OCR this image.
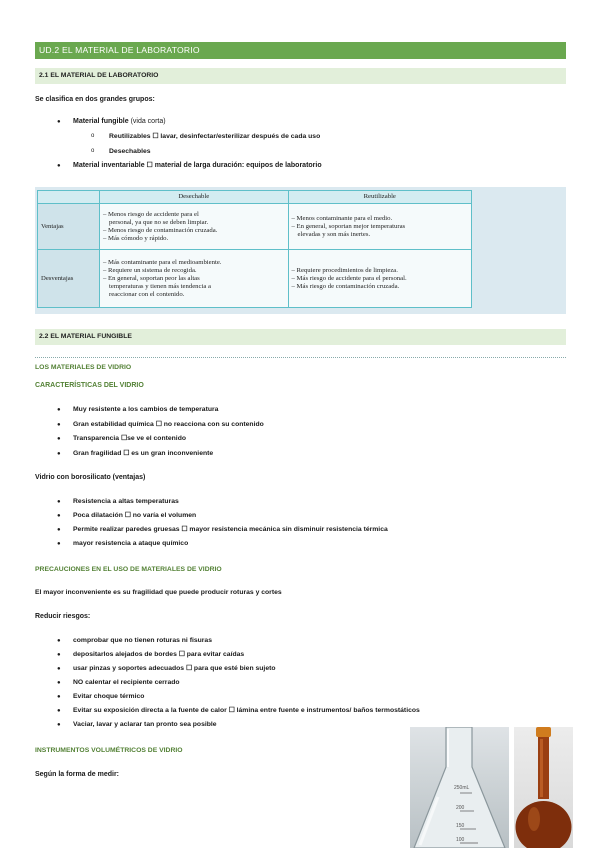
UD.2 EL MATERIAL DE LABORATORIO
2.1 EL MATERIAL DE LABORATORIO
Se clasifica en dos grandes grupos:
● Material fungible (vida corta)
o Reutilizables ☐ lavar, desinfectar/esterilizar después de cada uso
o Desechables
● Material inventariable ☐ material de larga duración: equipos de laboratorio
	Desechable	Reutilizable
Ventajas	– Menos riesgo de accidente para el
personal, ya que no se deben limpiar.
– Menos riesgo de contaminación cruzada.
– Más cómodo y rápido.	– Menos contaminante para el medio.
– En general, soportan mejor temperaturas
elevadas y son más inertes.

Desventajas	– Más contaminante para el medioambiente.
– Requiere un sistema de recogida.
– En general, soportan peor las altas
temperaturas y tienen más tendencia a
reaccionar con el contenido.	– Requiere procedimientos de limpieza.
– Más riesgo de accidente para el personal.
– Más riesgo de contaminación cruzada.
2.2 EL MATERIAL FUNGIBLE
LOS MATERIALES DE VIDRIO
CARACTERÍSTICAS DEL VIDRIO
● Muy resistente a los cambios de temperatura
● Gran estabilidad química ☐ no reacciona con su contenido
● Transparencia ☐se ve el contenido
● Gran fragilidad ☐ es un gran inconveniente
Vidrio con borosilicato (ventajas)
● Resistencia a altas temperaturas
● Poca dilatación ☐ no varía el volumen
● Permite realizar paredes gruesas ☐ mayor resistencia mecánica sin disminuir resistencia térmica
● mayor resistencia a ataque químico
PRECAUCIONES EN EL USO DE MATERIALES DE VIDRIO
El mayor inconveniente es su fragilidad que puede producir roturas y cortes
Reducir riesgos:
● comprobar que no tienen roturas ni fisuras
● depositarlos alejados de bordes ☐ para evitar caídas
● usar pinzas y soportes adecuados ☐ para que esté bien sujeto
● NO calentar el recipiente cerrado
● Evitar choque térmico
● Evitar su exposición directa a la fuente de calor ☐ lámina entre fuente e instrumentos/ baños termostáticos
● Vaciar, lavar y aclarar tan pronto sea posible
INSTRUMENTOS VOLUMÉTRICOS DE VIDRIO
Según la forma de medir:
250mL
200
150
100
